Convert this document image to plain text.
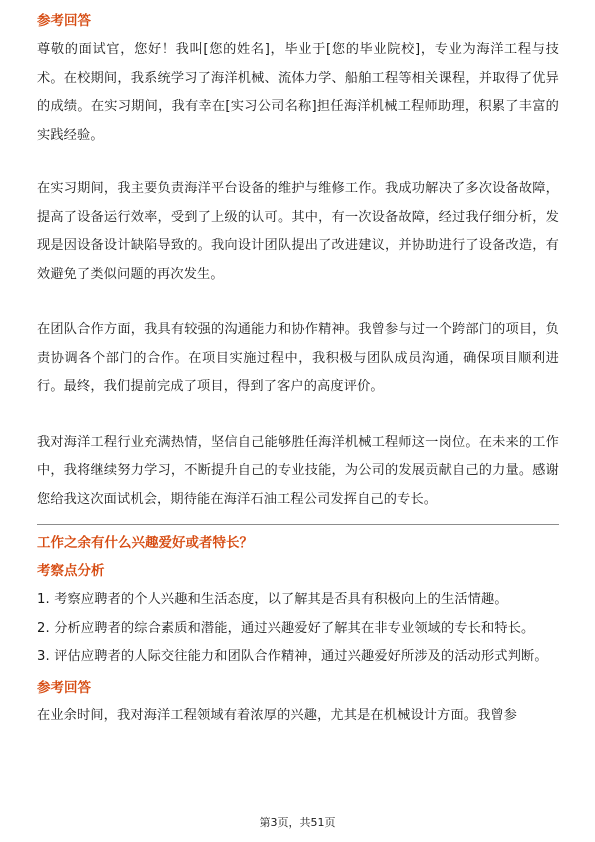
参考回答

尊敬的面试官，您好！我叫[您的姓名]，毕业于[您的毕业院校]，专业为海洋工程与技术。在校期间，我系统学习了海洋机械、流体力学、船舶工程等相关课程，并取得了优异的成绩。在实习期间，我有幸在[实习公司名称]担任海洋机械工程师助理，积累了丰富的实践经验。

在实习期间，我主要负责海洋平台设备的维护与维修工作。我成功解决了多次设备故障，提高了设备运行效率，受到了上级的认可。其中，有一次设备故障，经过我仔细分析，发现是因设备设计缺陷导致的。我向设计团队提出了改进建议，并协助进行了设备改造，有效避免了类似问题的再次发生。

在团队合作方面，我具有较强的沟通能力和协作精神。我曾参与过一个跨部门的项目，负责协调各个部门的合作。在项目实施过程中，我积极与团队成员沟通，确保项目顺利进行。最终，我们提前完成了项目，得到了客户的高度评价。

我对海洋工程行业充满热情，坚信自己能够胜任海洋机械工程师这一岗位。在未来的工作中，我将继续努力学习，不断提升自己的专业技能，为公司的发展贡献自己的力量。感谢您给我这次面试机会，期待能在海洋石油工程公司发挥自己的专长。

工作之余有什么兴趣爱好或者特长？
考察点分析
1. 考察应聘者的个人兴趣和生活态度，以了解其是否具有积极向上的生活情趣。
2. 分析应聘者的综合素质和潜能，通过兴趣爱好了解其在非专业领域的专长和特长。
3. 评估应聘者的人际交往能力和团队合作精神，通过兴趣爱好所涉及的活动形式判断。
参考回答

在业余时间，我对海洋工程领域有着浓厚的兴趣，尤其是在机械设计方面。我曾参

第3页，共51页
